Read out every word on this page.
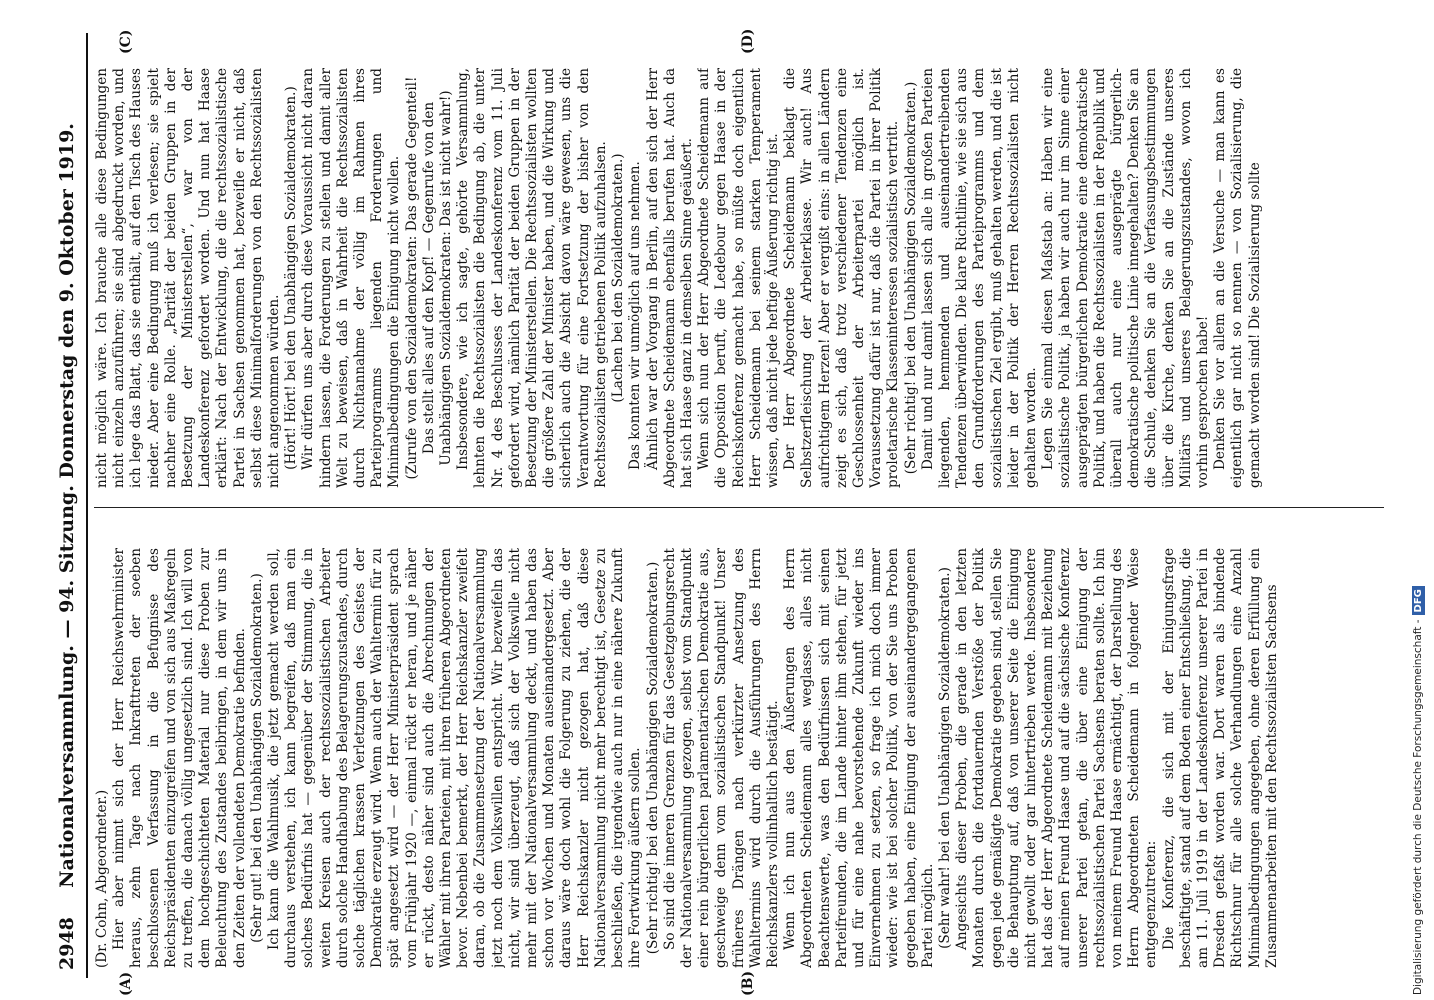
2948
Nationalversammlung. — 94. Sitzung. Donnerstag den 9. Oktober 1919.
(A)	(B)
(C)	(D)

(Dr. Cohn, Abgeordneter.) Hier aber nimmt sich der Herr Reichswehrminister heraus, zehn Tage nach Inkrafttreten der soeben beschlossenen Verfassung in die Befugnisse des Reichspräsidenten einzugreifen und von sich aus Maßregeln zu treffen, die danach völlig ungesetzlich sind. Ich will von dem hochgeschichteten Material nur diese Proben zur Beleuchtung des Zustandes beibringen, in dem wir uns in den Zeiten der vollendeten Demokratie befinden. (Sehr gut! bei den Unabhängigen Sozialdemokraten.) Ich kann die Wahlmusik, die jetzt gemacht werden soll, durchaus verstehen, ich kann begreifen, daß man ein solches Bedürfnis hat — gegenüber der Stimmung, die in weiten Kreisen auch der rechtssozialistischen Arbeiter durch solche Handhabung des Belagerungszustandes, durch solche täglichen krassen Verletzungen des Geistes der Demokratie erzeugt wird. Wenn auch der Wahltermin für zu spät angesetzt wird — der Herr Ministerpräsident sprach vom Frühjahr 1920 —, einmal rückt er heran, und je näher er rückt, desto näher sind auch die Abrechnungen der Wähler mit ihren Parteien, mit ihren früheren Abgeordneten bevor. Nebenbei bemerkt, der Herr Reichskanzler zweifelt daran, ob die Zusammensetzung der Nationalversammlung jetzt noch dem Volkswillen entspricht. Wir bezweifeln das nicht, wir sind überzeugt, daß sich der Volkswille nicht mehr mit der Nationalversammlung deckt, und haben das schon vor Wochen und Monaten auseinandergesetzt. Aber daraus wäre doch wohl die Folgerung zu ziehen, die der Herr Reichskanzler nicht gezogen hat, daß diese Nationalversammlung nicht mehr berechtigt ist, Gesetze zu beschließen, die irgendwie auch nur in eine nähere Zukunft ihre Fortwirkung äußern sollen. (Sehr richtig! bei den Unabhängigen Sozialdemokraten.) So sind die inneren Grenzen für das Gesetzgebungsrecht der Nationalversammlung gezogen, selbst vom Standpunkt einer rein bürgerlichen parlamentarischen Demokratie aus, geschweige denn vom sozialistischen Standpunkt! Unser früheres Drängen nach verkürzter Ansetzung des Wahltermins wird durch die Ausführungen des Herrn Reichskanzlers vollinhaltlich bestätigt. Wenn ich nun aus den Äußerungen des Herrn Abgeordneten Scheidemann alles weglasse, alles nicht Beachtenswerte, was den Bedürfnissen sich mit seinen Parteifreunden, die im Lande hinter ihm stehen, für jetzt und für eine nahe bevorstehende Zukunft wieder ins Einvernehmen zu setzen, so frage ich mich doch immer wieder: wie ist bei solcher Politik, von der Sie uns Proben gegeben haben, eine Einigung der auseinandergegangenen Partei möglich. (Sehr wahr! bei den Unabhängigen Sozialdemokraten.) Angesichts dieser Proben, die gerade in den letzten Monaten durch die fortdauernden Verstöße der Politik gegen jede gemäßigte Demokratie gegeben sind, stellen Sie die Behauptung auf, daß von unserer Seite die Einigung nicht gewollt oder gar hintertrieben werde. Insbesondere hat das der Herr Abgeordnete Scheidemann mit Beziehung auf meinen Freund Haase und auf die sächsische Konferenz unserer Partei getan, die über eine Einigung der rechtssozialistischen Partei Sachsens beraten sollte. Ich bin von meinem Freund Haase ermächtigt, der Darstellung des Herrn Abgeordneten Scheidemann in folgender Weise entgegenzutreten: Die Konferenz, die sich mit der Einigungsfrage beschäftigte, stand auf dem Boden einer Entschließung, die am 11. Juli 1919 in der Landeskonferenz unserer Partei in Dresden gefaßt worden war. Dort waren als bindende Richtschnur für alle solche Verhandlungen eine Anzahl Minimalbedingungen angegeben, ohne deren Erfüllung ein Zusammenarbeiten mit den Rechtssozialisten Sachsens

nicht möglich wäre. Ich brauche alle diese Bedingungen nicht einzeln anzuführen; sie sind abgedruckt worden, und ich lege das Blatt, das sie enthält, auf den Tisch des Hauses nieder. Aber eine Bedingung muß ich verlesen; sie spielt nachher eine Rolle. „Parität der beiden Gruppen in der Besetzung der Ministerstellen“, war von der Landeskonferenz gefordert worden. Und nun hat Haase erklärt: Nach der Entwicklung, die die rechtssozialistische Partei in Sachsen genommen hat, bezweifle er nicht, daß selbst diese Minimalforderungen von den Rechtssozialisten nicht angenommen würden. (Hört! Hört! bei den Unabhängigen Sozialdemokraten.) Wir dürfen uns aber durch diese Voraussicht nicht daran hindern lassen, die Forderungen zu stellen und damit aller Welt zu beweisen, daß in Wahrheit die Rechtssozialisten durch Nichtannahme der völlig im Rahmen ihres Parteiprogramms liegenden Forderungen und Minimalbedingungen die Einigung nicht wollen. (Zurufe von den Sozialdemokraten: Das gerade Gegenteil! Das stellt alles auf den Kopf! — Gegenrufe von den Unabhängigen Sozialdemokraten: Das ist nicht wahr!) Insbesondere, wie ich sagte, gehörte Versammlung, lehnten die Rechtssozialisten die Bedingung ab, die unter Nr. 4 des Beschlusses der Landeskonferenz vom 11. Juli gefordert wird, nämlich Parität der beiden Gruppen in der Besetzung der Ministerstellen. Die Rechtssozialisten wollten die größere Zahl der Minister haben, und die Wirkung und sicherlich auch die Absicht davon wäre gewesen, uns die Verantwortung für eine Fortsetzung der bisher von den Rechtssozialisten getriebenen Politik aufzuhalsen. (Lachen bei den Sozialdemokraten.) Das konnten wir unmöglich auf uns nehmen. Ähnlich war der Vorgang in Berlin, auf den sich der Herr Abgeordnete Scheidemann ebenfalls berufen hat. Auch da hat sich Haase ganz in demselben Sinne geäußert. Wenn sich nun der Herr Abgeordnete Scheidemann auf die Opposition beruft, die Ledebour gegen Haase in der Reichskonferenz gemacht habe, so müßte doch eigentlich Herr Scheidemann bei seinem starken Temperament wissen, daß nicht jede heftige Äußerung richtig ist. Der Herr Abgeordnete Scheidemann beklagt die Selbstzerfleischung der Arbeiterklasse. Wir auch! Aus aufrichtigem Herzen! Aber er vergißt eins: in allen Ländern zeigt es sich, daß trotz verschiedener Tendenzen eine Geschlossenheit der Arbeiterpartei möglich ist. Voraussetzung dafür ist nur, daß die Partei in ihrer Politik proletarische Klasseninteressen sozialistisch vertritt. (Sehr richtig! bei den Unabhängigen Sozialdemokraten.) Damit und nur damit lassen sich alle in großen Parteien liegenden, hemmenden und auseinandertreibenden Tendenzen überwinden. Die klare Richtlinie, wie sie sich aus den Grundforderungen des Parteiprogramms und dem sozialistischen Ziel ergibt, muß gehalten werden, und die ist leider in der Politik der Herren Rechtssozialisten nicht gehalten worden. Legen Sie einmal diesen Maßstab an: Haben wir eine sozialistische Politik, ja haben wir auch nur im Sinne einer ausgeprägten bürgerlichen Demokratie eine demokratische Politik, und haben die Rechtssozialisten in der Republik und überall auch nur eine ausgeprägte bürgerlich-demokratische politische Linie innegehalten? Denken Sie an die Schule, denken Sie an die Verfassungsbestimmungen über die Kirche, denken Sie an die Zustände unseres Militärs und unseres Belagerungszustandes, wovon ich vorhin gesprochen habe! Denken Sie vor allem an die Versuche — man kann es eigentlich gar nicht so nennen — von Sozialisierung, die gemacht worden sind! Die Sozialisierung sollte

Digitalisierung gefördert durch die Deutsche Forschungsgemeinschaft -DFG
